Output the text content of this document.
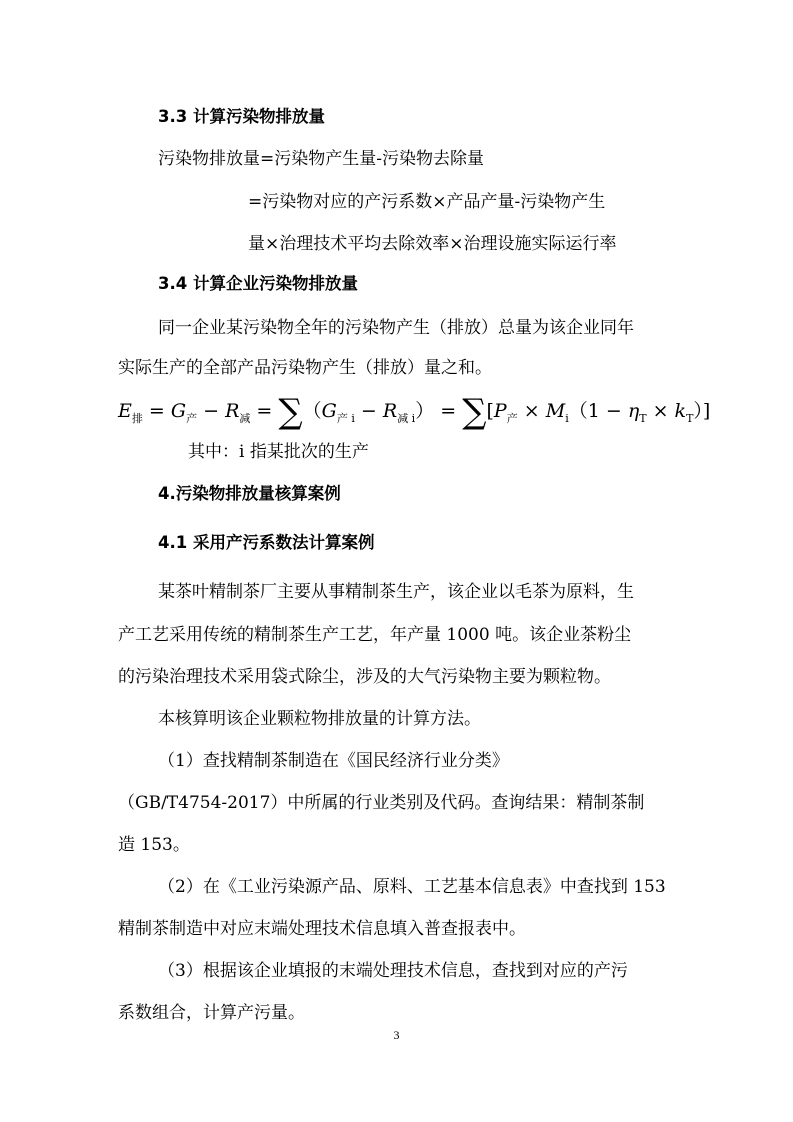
3.3 计算污染物排放量
污染物排放量=污染物产生量-污染物去除量
=污染物对应的产污系数×产品产量-污染物产生
量×治理技术平均去除效率×治理设施实际运行率
3.4 计算企业污染物排放量
同一企业某污染物全年的污染物产生（排放）总量为该企业同年
实际生产的全部产品污染物产生（排放）量之和。
$E_排 = G_产 - R_减 = \sum(G_{产 i} - R_{减 i}) = \sum[P_产 \times M_i(1 - \eta_T \times k_T)]$
其中：i 指某批次的生产
4.污染物排放量核算案例
4.1 采用产污系数法计算案例
某茶叶精制茶厂主要从事精制茶生产，该企业以毛茶为原料，生
产工艺采用传统的精制茶生产工艺，年产量 1000 吨。该企业茶粉尘
的污染治理技术采用袋式除尘，涉及的大气污染物主要为颗粒物。
本核算明该企业颗粒物排放量的计算方法。
（1）查找精制茶制造在《国民经济行业分类》
（GB/T4754-2017）中所属的行业类别及代码。查询结果：精制茶制
造 153。
（2）在《工业污染源产品、原料、工艺基本信息表》中查找到 153
精制茶制造中对应末端处理技术信息填入普查报表中。
（3）根据该企业填报的末端处理技术信息，查找到对应的产污
系数组合，计算产污量。
3
